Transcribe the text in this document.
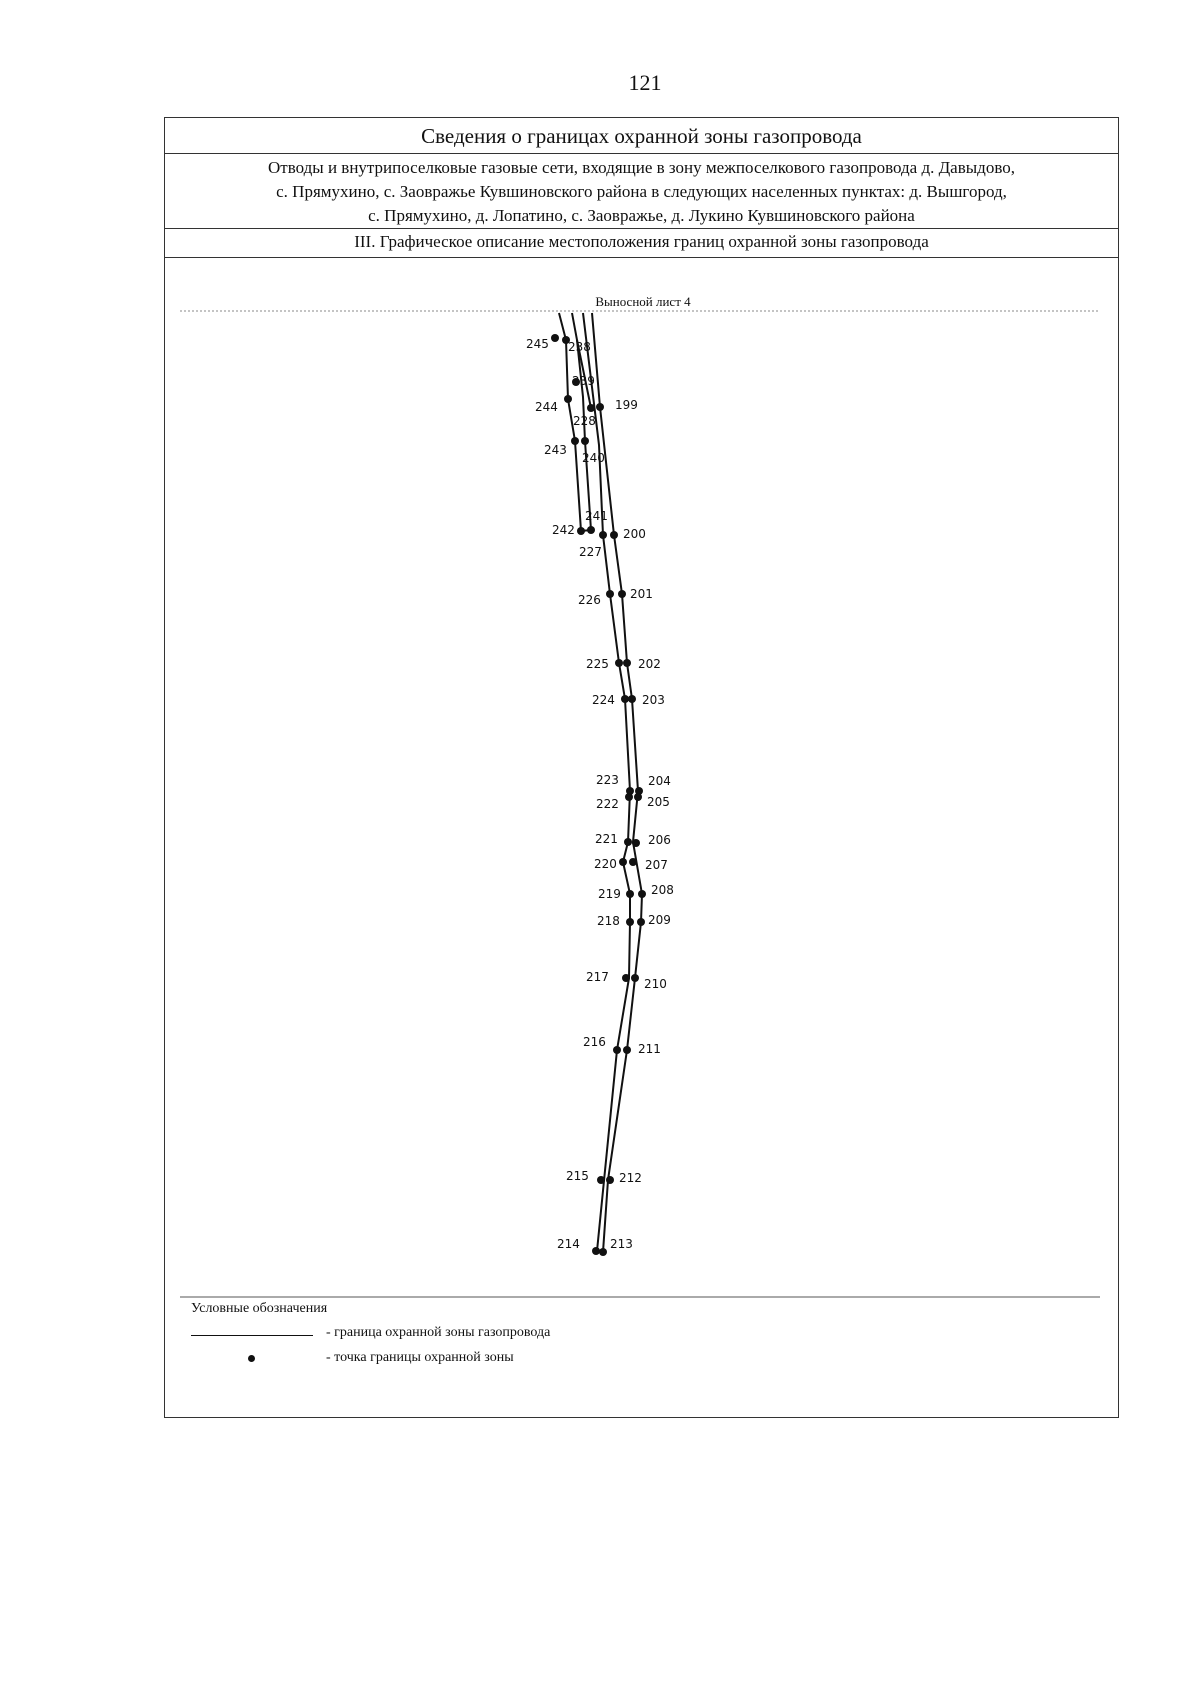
121
Сведения о границах охранной зоны газопровода
Отводы и внутрипоселковые газовые сети, входящие в зону межпоселкового газопровода д. Давыдово,
с. Прямухино, с. Заовражье Кувшиновского района в следующих населенных пунктах: д. Вышгород,
с. Прямухино, д. Лопатино, с. Заовражье, д. Лукино Кувшиновского района
III. Графическое описание местоположения границ охранной зоны газопровода
Выносной лист 4
245 238
239
199
244
228
243
240
241
242	200
227
201
226
225 202
224 203
223 204
222 205
221	206
220 207
219	208
218 209
217	210
216	211
215	212
214	213
Условные обозначения
- граница охранной зоны газопровода
- точка границы охранной зоны
